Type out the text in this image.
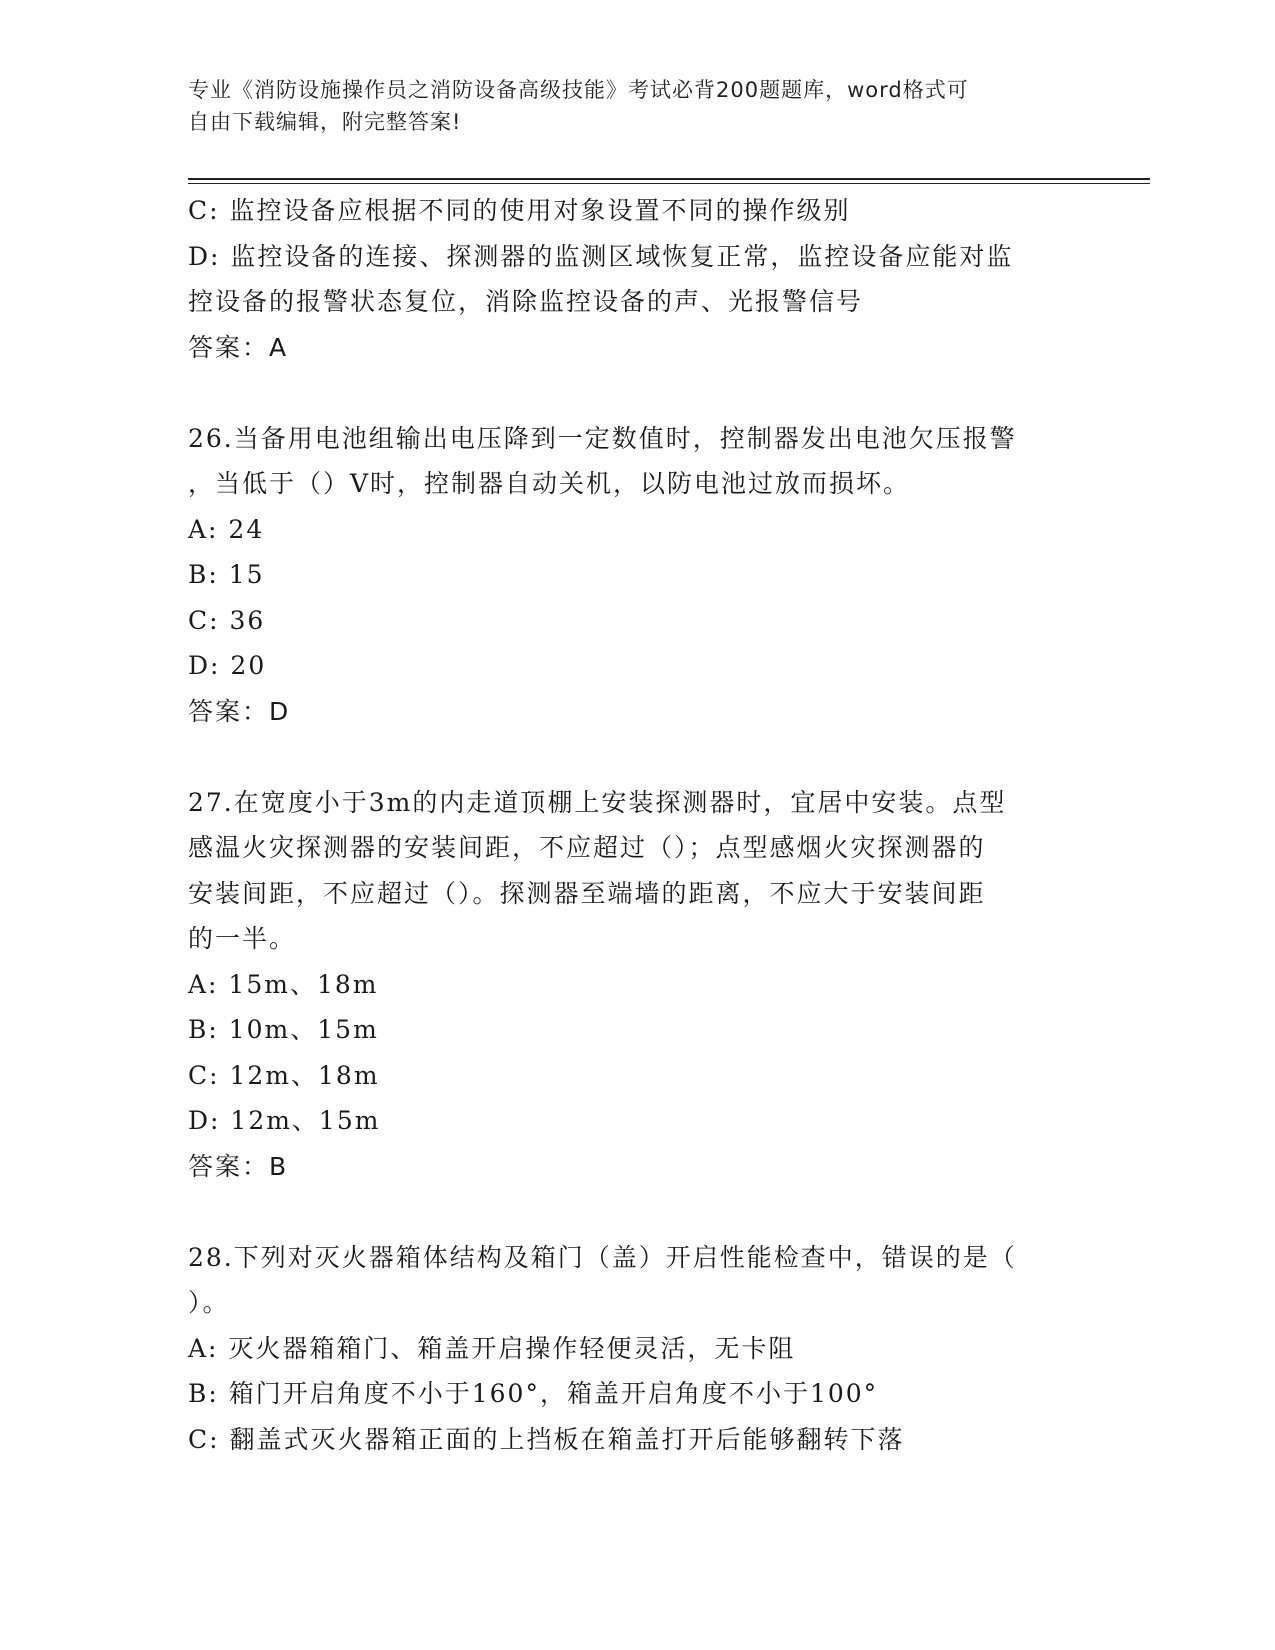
专业《消防设施操作员之消防设备高级技能》考试必背200题题库，word格式可
自由下载编辑，附完整答案!
C: 监控设备应根据不同的使用对象设置不同的操作级别
D: 监控设备的连接、探测器的监测区域恢复正常，监控设备应能对监
控设备的报警状态复位，消除监控设备的声、光报警信号
答案：A
26.当备用电池组输出电压降到一定数值时，控制器发出电池欠压报警
，当低于（）V时，控制器自动关机，以防电池过放而损坏。
A: 24
B: 15
C: 36
D: 20
答案：D
27.在宽度小于3m的内走道顶棚上安装探测器时，宜居中安装。点型
感温火灾探测器的安装间距，不应超过（）；点型感烟火灾探测器的
安装间距，不应超过（）。探测器至端墙的距离，不应大于安装间距
的一半。
A: 15m、18m
B: 10m、15m
C: 12m、18m
D: 12m、15m
答案：B
28.下列对灭火器箱体结构及箱门（盖）开启性能检查中，错误的是（
）。
A: 灭火器箱箱门、箱盖开启操作轻便灵活，无卡阻
B: 箱门开启角度不小于160°，箱盖开启角度不小于100°
C: 翻盖式灭火器箱正面的上挡板在箱盖打开后能够翻转下落
